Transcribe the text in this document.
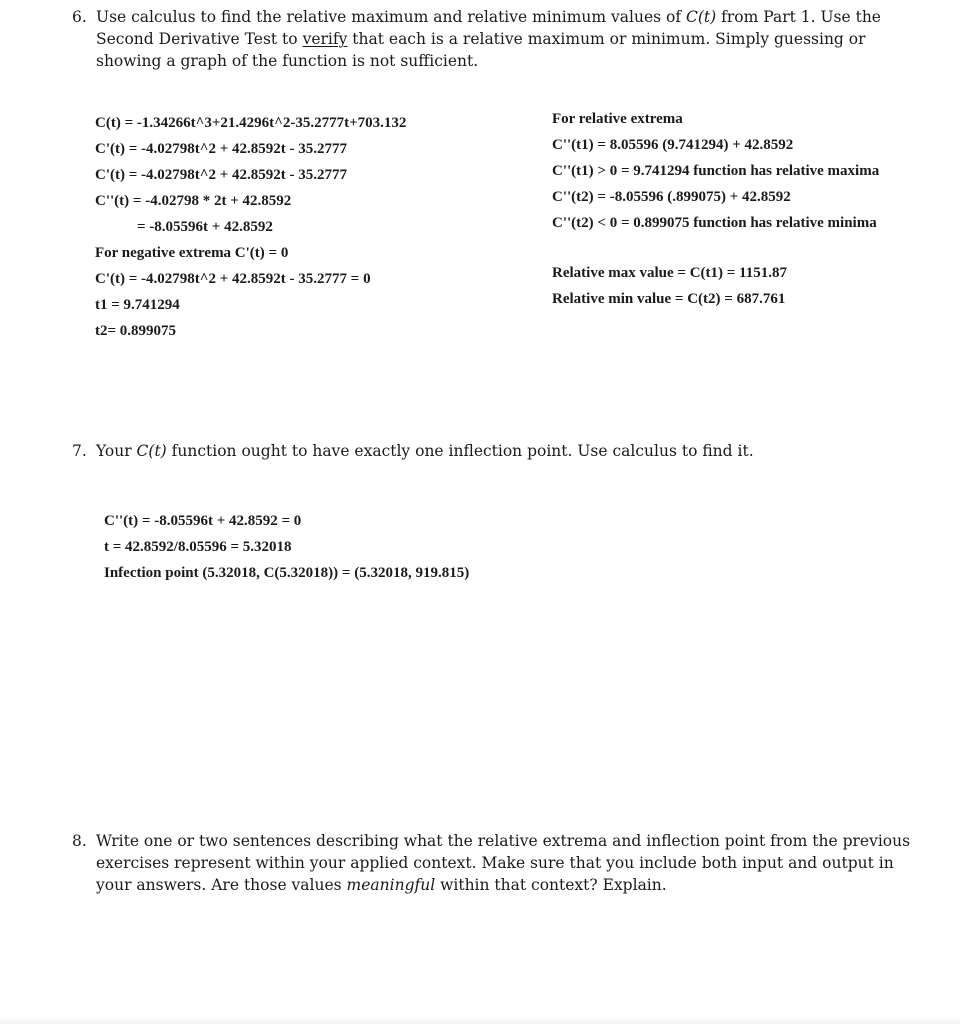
6. Use calculus to find the relative maximum and relative minimum values of C(t) from Part 1. Use the Second Derivative Test to verify that each is a relative maximum or minimum. Simply guessing or showing a graph of the function is not sufficient.
C(t) = -1.34266t^3+21.4296t^2-35.2777t+703.132
C'(t) = -4.02798t^2 + 42.8592t - 35.2777
C'(t) = -4.02798t^2 + 42.8592t - 35.2777
C''(t) = -4.02798 * 2t + 42.8592
= -8.05596t + 42.8592
For negative extrema C'(t) = 0
C'(t) = -4.02798t^2 + 42.8592t - 35.2777 = 0
t1 = 9.741294
t2= 0.899075
For relative extrema
C''(t1) = 8.05596 (9.741294) + 42.8592
C''(t1) > 0 = 9.741294 function has relative maxima
C''(t2) = -8.05596 (.899075) + 42.8592
C''(t2) < 0 = 0.899075 function has relative minima
Relative max value = C(t1) = 1151.87
Relative min value = C(t2) = 687.761
7. Your C(t) function ought to have exactly one inflection point. Use calculus to find it.
C''(t) = -8.05596t + 42.8592 = 0
t = 42.8592/8.05596 = 5.32018
Infection point (5.32018, C(5.32018)) = (5.32018, 919.815)
8. Write one or two sentences describing what the relative extrema and inflection point from the previous exercises represent within your applied context. Make sure that you include both input and output in your answers. Are those values meaningful within that context? Explain.
